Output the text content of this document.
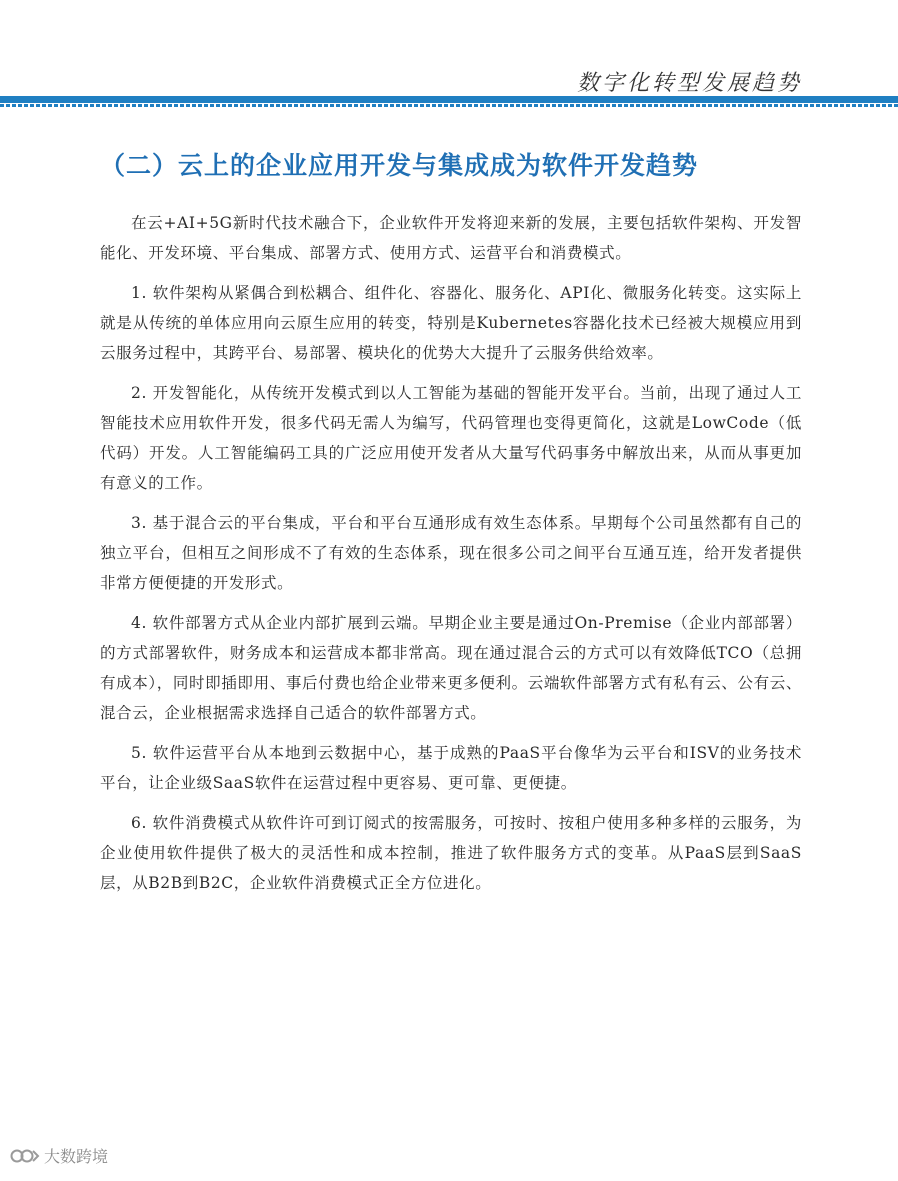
数字化转型发展趋势
（二）云上的企业应用开发与集成成为软件开发趋势

在云+AI+5G新时代技术融合下，企业软件开发将迎来新的发展，主要包括软件架构、开发智能化、开发环境、平台集成、部署方式、使用方式、运营平台和消费模式。

1. 软件架构从紧偶合到松耦合、组件化、容器化、服务化、API化、微服务化转变。这实际上就是从传统的单体应用向云原生应用的转变，特别是Kubernetes容器化技术已经被大规模应用到云服务过程中，其跨平台、易部署、模块化的优势大大提升了云服务供给效率。

2. 开发智能化，从传统开发模式到以人工智能为基础的智能开发平台。当前，出现了通过人工智能技术应用软件开发，很多代码无需人为编写，代码管理也变得更简化，这就是LowCode（低代码）开发。人工智能编码工具的广泛应用使开发者从大量写代码事务中解放出来，从而从事更加有意义的工作。

3. 基于混合云的平台集成，平台和平台互通形成有效生态体系。早期每个公司虽然都有自己的独立平台，但相互之间形成不了有效的生态体系，现在很多公司之间平台互通互连，给开发者提供非常方便便捷的开发形式。

4. 软件部署方式从企业内部扩展到云端。早期企业主要是通过On-Premise（企业内部部署）的方式部署软件，财务成本和运营成本都非常高。现在通过混合云的方式可以有效降低TCO（总拥有成本），同时即插即用、事后付费也给企业带来更多便利。云端软件部署方式有私有云、公有云、混合云，企业根据需求选择自己适合的软件部署方式。

5. 软件运营平台从本地到云数据中心，基于成熟的PaaS平台像华为云平台和ISV的业务技术平台，让企业级SaaS软件在运营过程中更容易、更可靠、更便捷。

6. 软件消费模式从软件许可到订阅式的按需服务，可按时、按租户使用多种多样的云服务，为企业使用软件提供了极大的灵活性和成本控制，推进了软件服务方式的变革。从PaaS层到SaaS层，从B2B到B2C，企业软件消费模式正全方位进化。

大数跨境
